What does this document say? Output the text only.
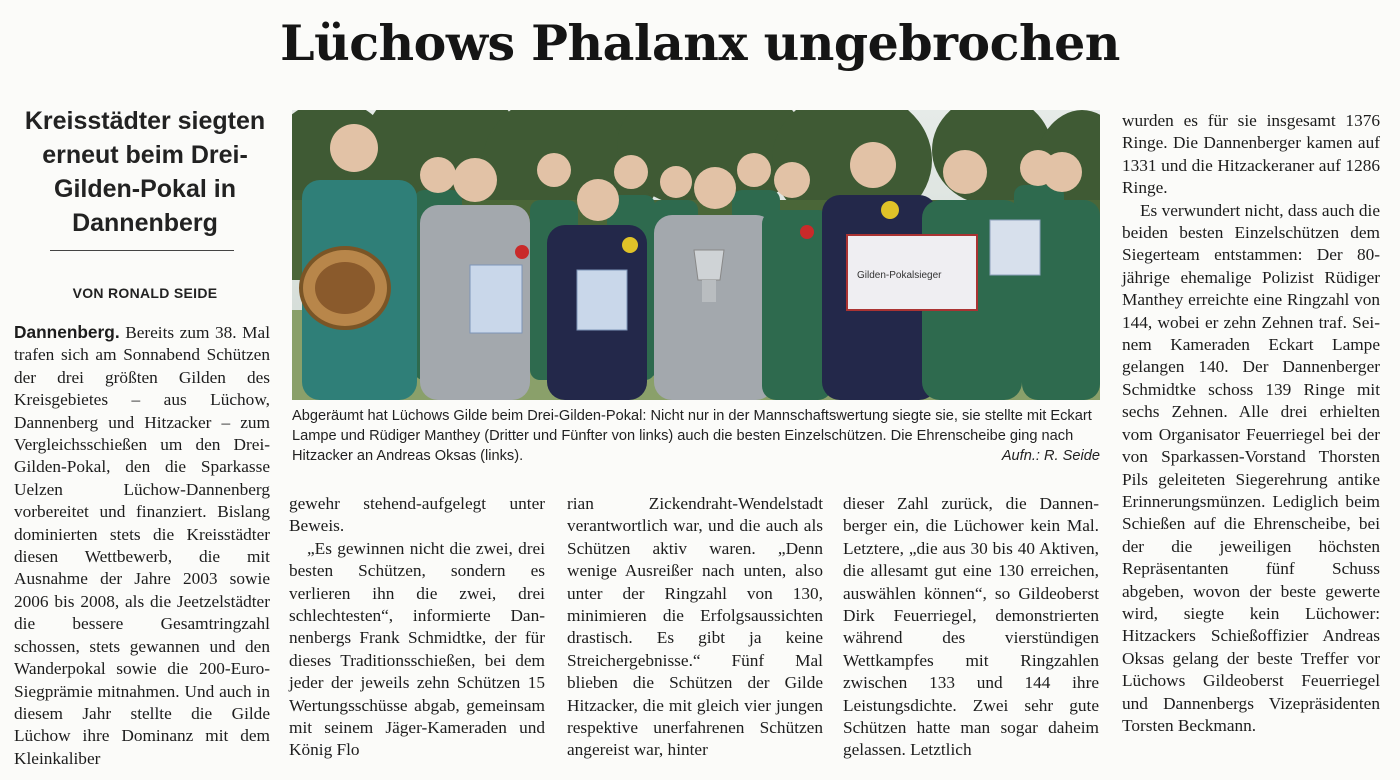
Lüchows Phalanx ungebrochen
Kreisstädter siegten erneut beim Drei-Gilden-Pokal in Dannenberg
VON RONALD SEIDE

Dannenberg. Bereits zum 38. Mal trafen sich am Sonnabend Schützen der drei größten Gilden des Kreisgebietes – aus Lüchow, Dannenberg und Hitzacker – zum Vergleichsschießen um den Drei-Gilden-Pokal, den die Sparkasse Uelzen Lüchow-Dannenberg vorbereitet und finanziert. Bislang dominierten stets die Kreisstädter diesen Wettbewerb, die mit Ausnahme der Jahre 2003 sowie 2006 bis 2008, als die Jeetzelstädter die bessere Gesamtringzahl schossen, stets gewannen und den Wanderpokal sowie die 200-Euro-Siegprämie mitnahmen. Und auch in diesem Jahr stellte die Gilde Lüchow ihre Dominanz mit dem Kleinkaliber

Gilden-Pokalsieger
Abgeräumt hat Lüchows Gilde beim Drei-Gilden-Pokal: Nicht nur in der Mannschaftswertung siegte sie, sie stellte mit Eckart Lampe und Rüdiger Manthey (Dritter und Fünfter von links) auch die besten Einzelschützen. Die Ehrenscheibe ging nach Hitzacker an Andreas Oksas (links).	Aufn.: R. Seide

gewehr stehend-aufgelegt unter Beweis.

„Es gewinnen nicht die zwei, drei besten Schützen, sondern es verlieren ihn die zwei, drei schlechtesten“, informierte Dannenbergs Frank Schmidtke, der für dieses Traditionsschießen, bei dem jeder der jeweils zehn Schützen 15 Wertungsschüsse abgab, gemeinsam mit seinem Jäger-Kameraden und König Flo

rian Zickendraht-Wendelstadt verantwortlich war, und die auch als Schützen aktiv waren. „Denn wenige Ausreißer nach unten, also unter der Ringzahl von 130, minimieren die Erfolgsaussichten drastisch. Es gibt ja keine Streichergebnisse.“ Fünf Mal blieben die Schützen der Gilde Hitzacker, die mit gleich vier jungen respektive unerfahrenen Schützen angereist war, hinter

dieser Zahl zurück, die Dannenberger ein, die Lüchower kein Mal. Letztere, „die aus 30 bis 40 Aktiven, die allesamt gut eine 130 erreichen, auswählen können“, so Gildeoberst Dirk Feuerriegel, demonstrierten während des vierstündigen Wettkampfes mit Ringzahlen zwischen 133 und 144 ihre Leistungsdichte. Zwei sehr gute Schützen hatte man sogar daheim gelassen. Letztlich

wurden es für sie insgesamt 1376 Ringe. Die Dannenberger kamen auf 1331 und die Hitzackeraner auf 1286 Ringe.

Es verwundert nicht, dass auch die beiden besten Einzelschützen dem Siegerteam entstammen: Der 80-jährige ehemalige Polizist Rüdiger Manthey erreichte eine Ringzahl von 144, wobei er zehn Zehnen traf. Seinem Kameraden Eckart Lampe gelangen 140. Der Dannenberger Schmidtke schoss 139 Ringe mit sechs Zehnen. Alle drei erhielten vom Organisator Feuerriegel bei der von Sparkassen-Vorstand Thorsten Pils geleiteten Siegerehrung antike Erinnerungsmünzen. Lediglich beim Schießen auf die Ehrenscheibe, bei der die jeweiligen höchsten Repräsentanten fünf Schuss abgeben, wovon der beste gewerte wird, siegte kein Lüchower: Hitzackers Schießoffizier Andreas Oksas gelang der beste Treffer vor Lüchows Gildeoberst Feuerriegel und Dannenbergs Vizepräsidenten Torsten Beckmann.
